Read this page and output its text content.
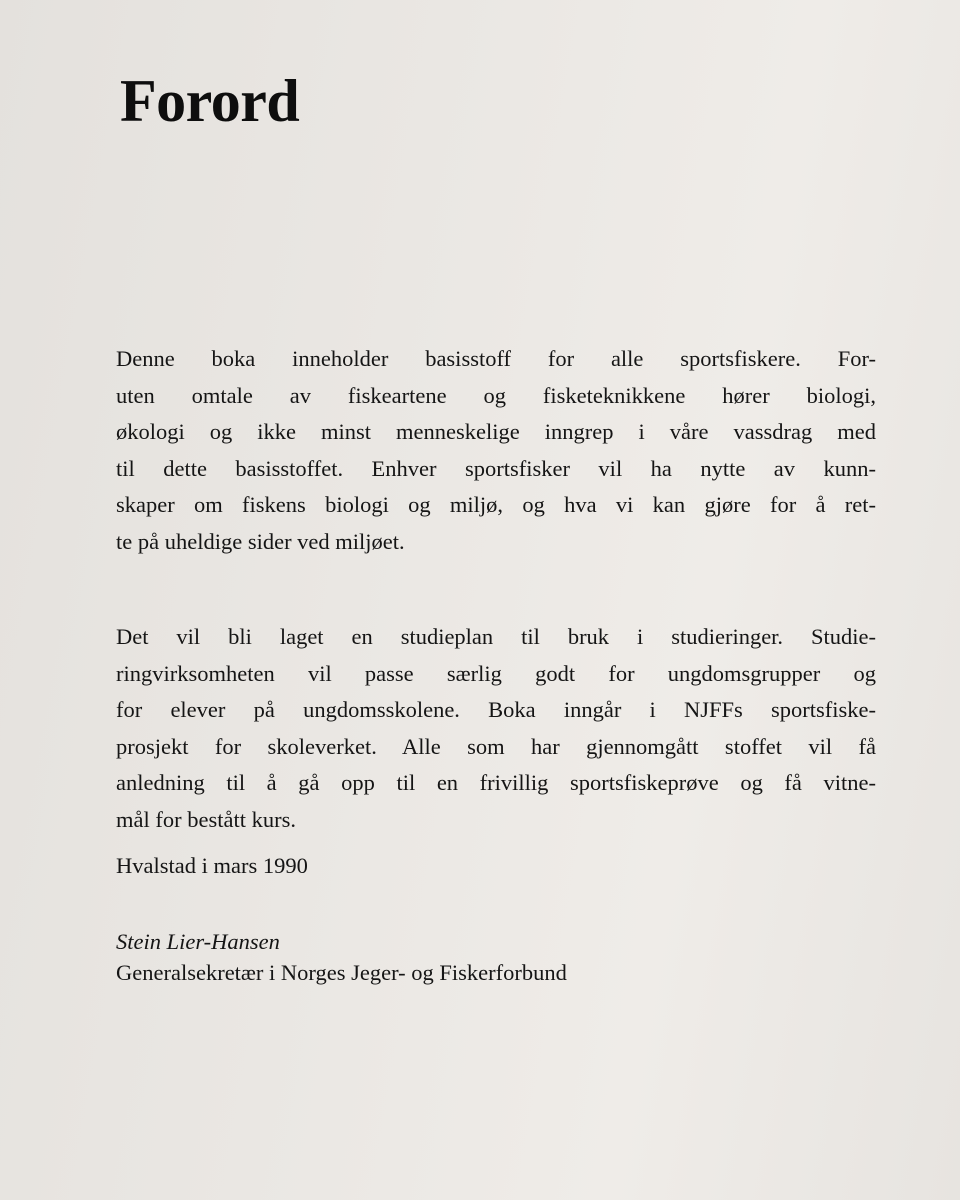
Forord
Denne boka inneholder basisstoff for alle sportsfiskere. For-
uten omtale av fiskeartene og fisketeknikkene hører biologi,
økologi og ikke minst menneskelige inngrep i våre vassdrag med
til dette basisstoffet. Enhver sportsfisker vil ha nytte av kunn-
skaper om fiskens biologi og miljø, og hva vi kan gjøre for å ret-
te på uheldige sider ved miljøet.
Det vil bli laget en studieplan til bruk i studieringer. Studie-
ringvirksomheten vil passe særlig godt for ungdomsgrupper og
for elever på ungdomsskolene. Boka inngår i NJFFs sportsfiske-
prosjekt for skoleverket. Alle som har gjennomgått stoffet vil få
anledning til å gå opp til en frivillig sportsfiskeprøve og få vitne-
mål for bestått kurs.
Hvalstad i mars 1990
Stein Lier-Hansen
Generalsekretær i Norges Jeger- og Fiskerforbund
